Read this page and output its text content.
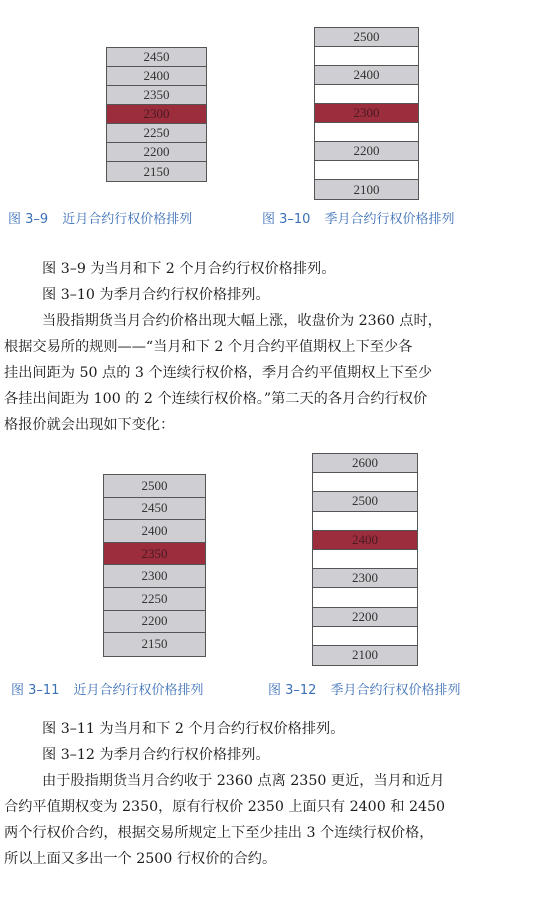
2450
2400
2350
2300
2250
2200
2150
2500
2400
2300
2200
2100
图 3–9 近月合约行权价格排列	图 3–10 季月合约行权价格排列

图 3–9 为当月和下 2 个月合约行权价格排列。

图 3–10 为季月合约行权价格排列。

当股指期货当月合约价格出现大幅上涨，收盘价为 2360 点时，

根据交易所的规则——“当月和下 2 个月合约平值期权上下至少各

挂出间距为 50 点的 3 个连续行权价格，季月合约平值期权上下至少

各挂出间距为 100 的 2 个连续行权价格。”第二天的各月合约行权价

格报价就会出现如下变化：

2500
2450
2400
2350
2300
2250
2200
2150
2600
2500
2400
2300
2200
2100
图 3–11 近月合约行权价格排列	图 3–12 季月合约行权价格排列

图 3–11 为当月和下 2 个月合约行权价格排列。

图 3–12 为季月合约行权价格排列。

由于股指期货当月合约收于 2360 点离 2350 更近，当月和近月

合约平值期权变为 2350，原有行权价 2350 上面只有 2400 和 2450

两个行权价合约，根据交易所规定上下至少挂出 3 个连续行权价格，

所以上面又多出一个 2500 行权价的合约。
